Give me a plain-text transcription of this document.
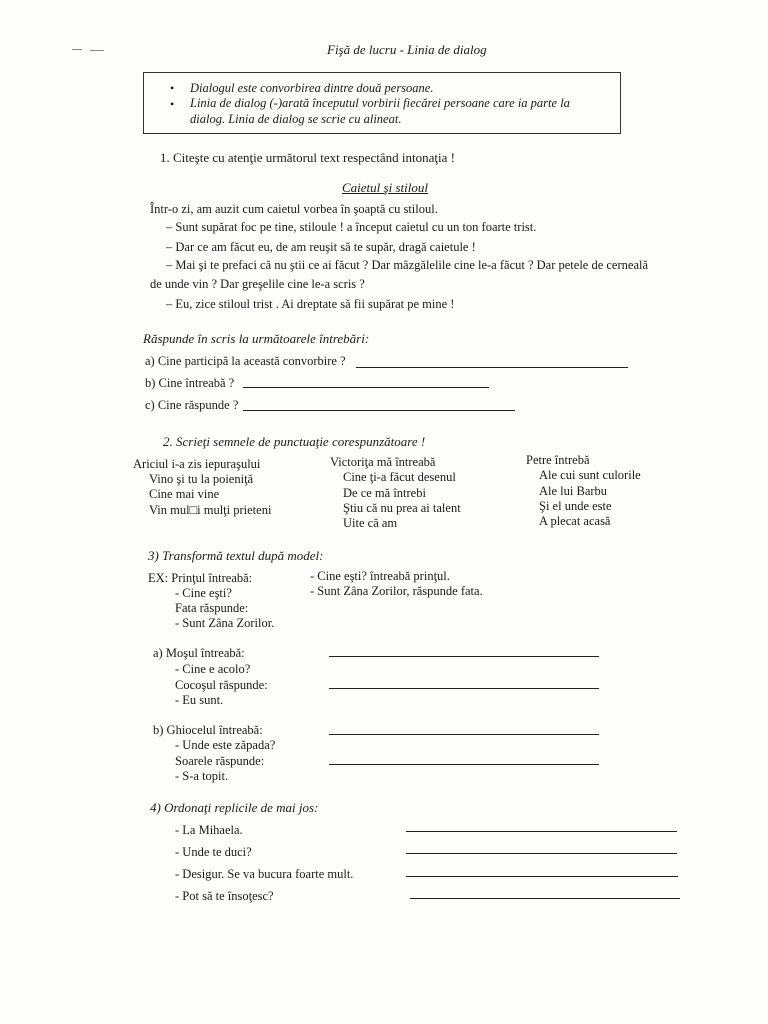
Fişă de lucru - Linia de dialog
• Dialogul este convorbirea dintre două persoane.
• Linia de dialog (-)arată începutul vorbirii fiecărei persoane care ia parte la
dialog. Linia de dialog se scrie cu alineat.
1. Citeşte cu atenţie următorul text respectând intonaţia !
Caietul şi stiloul
Într-o zi, am auzit cum caietul vorbea în şoaptă cu stiloul.
– Sunt supărat foc pe tine, stiloule ! a început caietul cu un ton foarte trist.
– Dar ce am făcut eu, de am reuşit să te supăr, dragă caietule !
– Mai şi te prefaci că nu ştii ce ai făcut ? Dar mâzgălelile cine le-a făcut ? Dar petele de cerneală
de unde vin ? Dar greşelile cine le-a scris ?
– Eu, zice stiloul trist . Ai dreptate să fii supărat pe mine !
Răspunde în scris la următoarele întrebări:
a) Cine participă la această convorbire ?
b) Cine întreabă ?
c) Cine răspunde ?
2. Scrieţi semnele de punctuaţie corespunzătoare !
Ariciul i-a zis iepuraşului
Vino şi tu la poieniţă
Cine mai vine
Vin mul□i mulţi prieteni
Victoriţa mă întreabă
Cine ţi-a făcut desenul
De ce mă întrebi
Ştiu că nu prea ai talent
Uite că am
Petre întrebă
Ale cui sunt culorile
Ale lui Barbu
Şi el unde este
A plecat acasă
3) Transformă textul după model:
EX: Prinţul întreabă:
- Cine eşti?
Fata răspunde:
- Sunt Zâna Zorilor.
- Cine eşti? întreabă prinţul.
- Sunt Zâna Zorilor, răspunde fata.
a) Moşul întreabă:
- Cine e acolo?
Cocoşul răspunde:
- Eu sunt.
b) Ghiocelul întreabă:
- Unde este zăpada?
Soarele răspunde:
- S-a topit.
4) Ordonaţi replicile de mai jos:
- La Mihaela.
- Unde te duci?
- Desigur. Se va bucura foarte mult.
- Pot să te însoţesc?
